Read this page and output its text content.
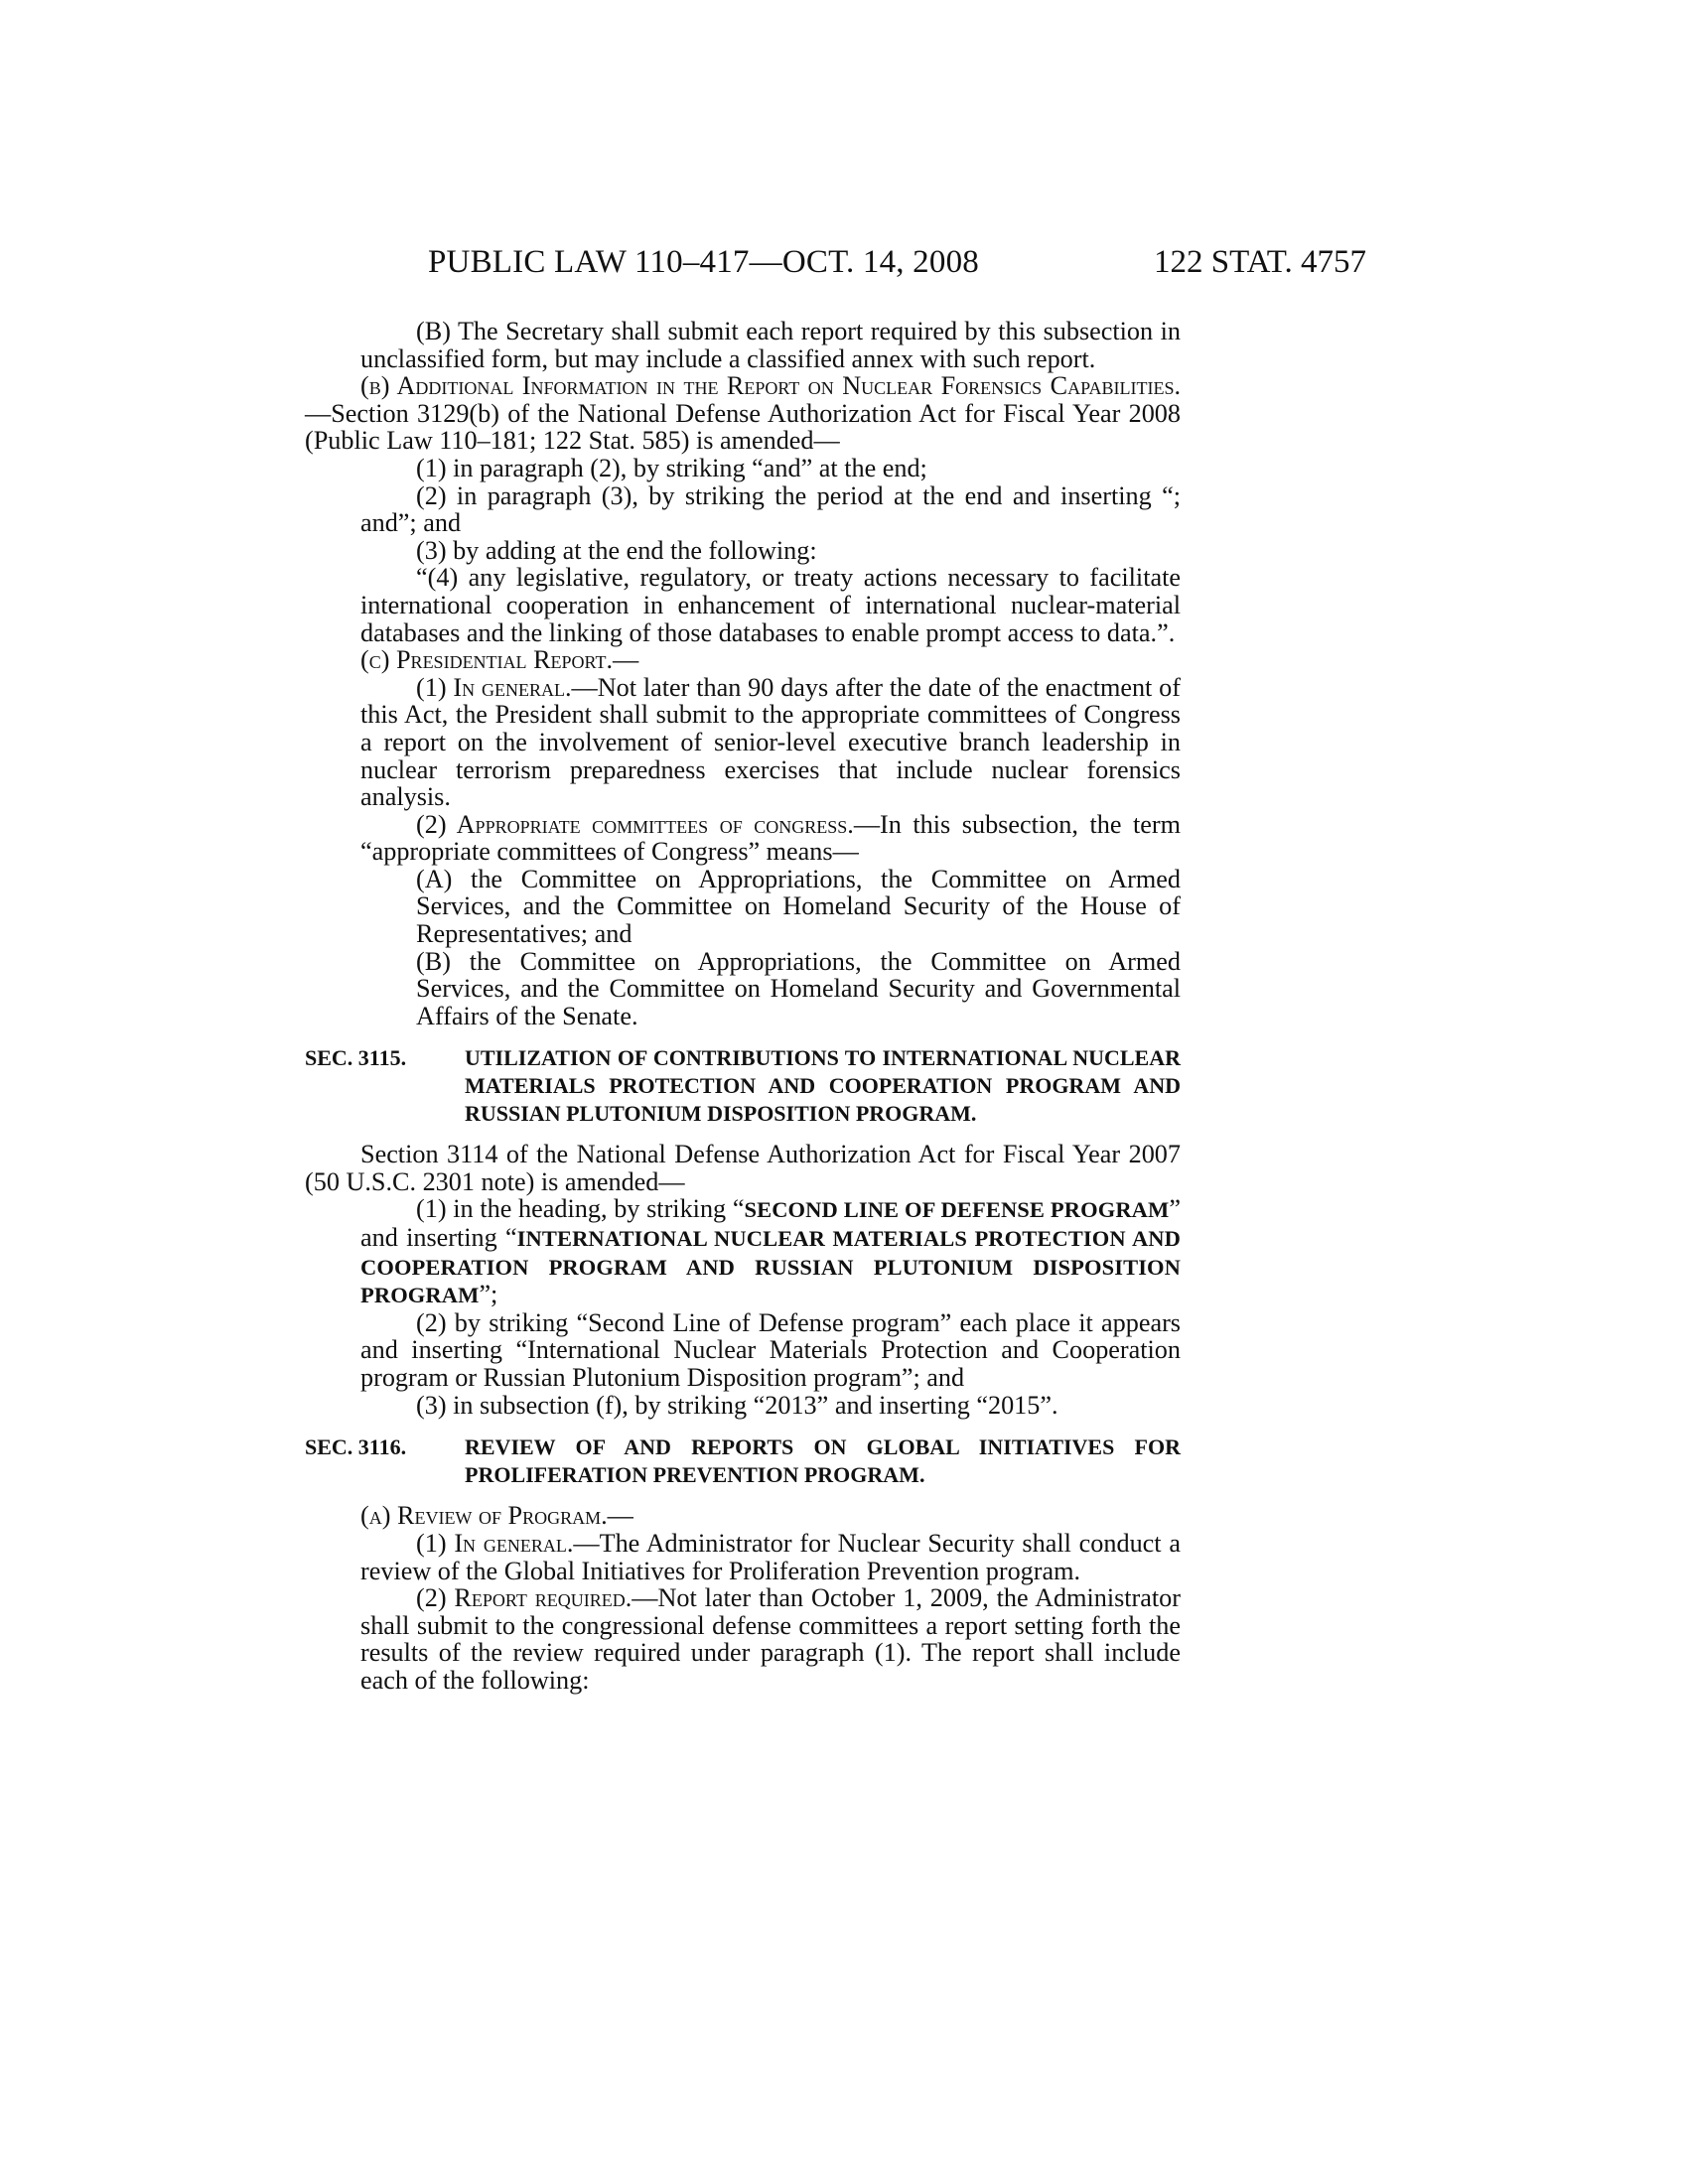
PUBLIC LAW 110–417—OCT. 14, 2008	122 STAT. 4757

(B) The Secretary shall submit each report required by this subsection in unclassified form, but may include a classified annex with such report.

(b) Additional Information in the Report on Nuclear Forensics Capabilities.—Section 3129(b) of the National Defense Authorization Act for Fiscal Year 2008 (Public Law 110–181; 122 Stat. 585) is amended—

(1) in paragraph (2), by striking “and” at the end;

(2) in paragraph (3), by striking the period at the end and inserting “; and”; and

(3) by adding at the end the following:

“(4) any legislative, regulatory, or treaty actions necessary to facilitate international cooperation in enhancement of international nuclear-material databases and the linking of those databases to enable prompt access to data.”.

(c) Presidential Report.—

(1) In general.—Not later than 90 days after the date of the enactment of this Act, the President shall submit to the appropriate committees of Congress a report on the involvement of senior-level executive branch leadership in nuclear terrorism preparedness exercises that include nuclear forensics analysis.

(2) Appropriate committees of congress.—In this subsection, the term “appropriate committees of Congress” means—

(A) the Committee on Appropriations, the Committee on Armed Services, and the Committee on Homeland Security of the House of Representatives; and

(B) the Committee on Appropriations, the Committee on Armed Services, and the Committee on Homeland Security and Governmental Affairs of the Senate.

SEC. 3115.	UTILIZATION OF CONTRIBUTIONS TO INTERNATIONAL NUCLEAR MATERIALS PROTECTION AND COOPERATION PROGRAM AND RUSSIAN PLUTONIUM DISPOSITION PROGRAM.

Section 3114 of the National Defense Authorization Act for Fiscal Year 2007 (50 U.S.C. 2301 note) is amended—

(1) in the heading, by striking “SECOND LINE OF DEFENSE PROGRAM” and inserting “INTERNATIONAL NUCLEAR MATERIALS PROTECTION AND COOPERATION PROGRAM AND RUSSIAN PLUTONIUM DISPOSITION PROGRAM”;

(2) by striking “Second Line of Defense program” each place it appears and inserting “International Nuclear Materials Protection and Cooperation program or Russian Plutonium Disposition program”; and

(3) in subsection (f), by striking “2013” and inserting “2015”.

SEC. 3116.	REVIEW OF AND REPORTS ON GLOBAL INITIATIVES FOR PROLIFERATION PREVENTION PROGRAM.

(a) Review of Program.—

(1) In general.—The Administrator for Nuclear Security shall conduct a review of the Global Initiatives for Proliferation Prevention program.

(2) Report required.—Not later than October 1, 2009, the Administrator shall submit to the congressional defense committees a report setting forth the results of the review required under paragraph (1). The report shall include each of the following:
